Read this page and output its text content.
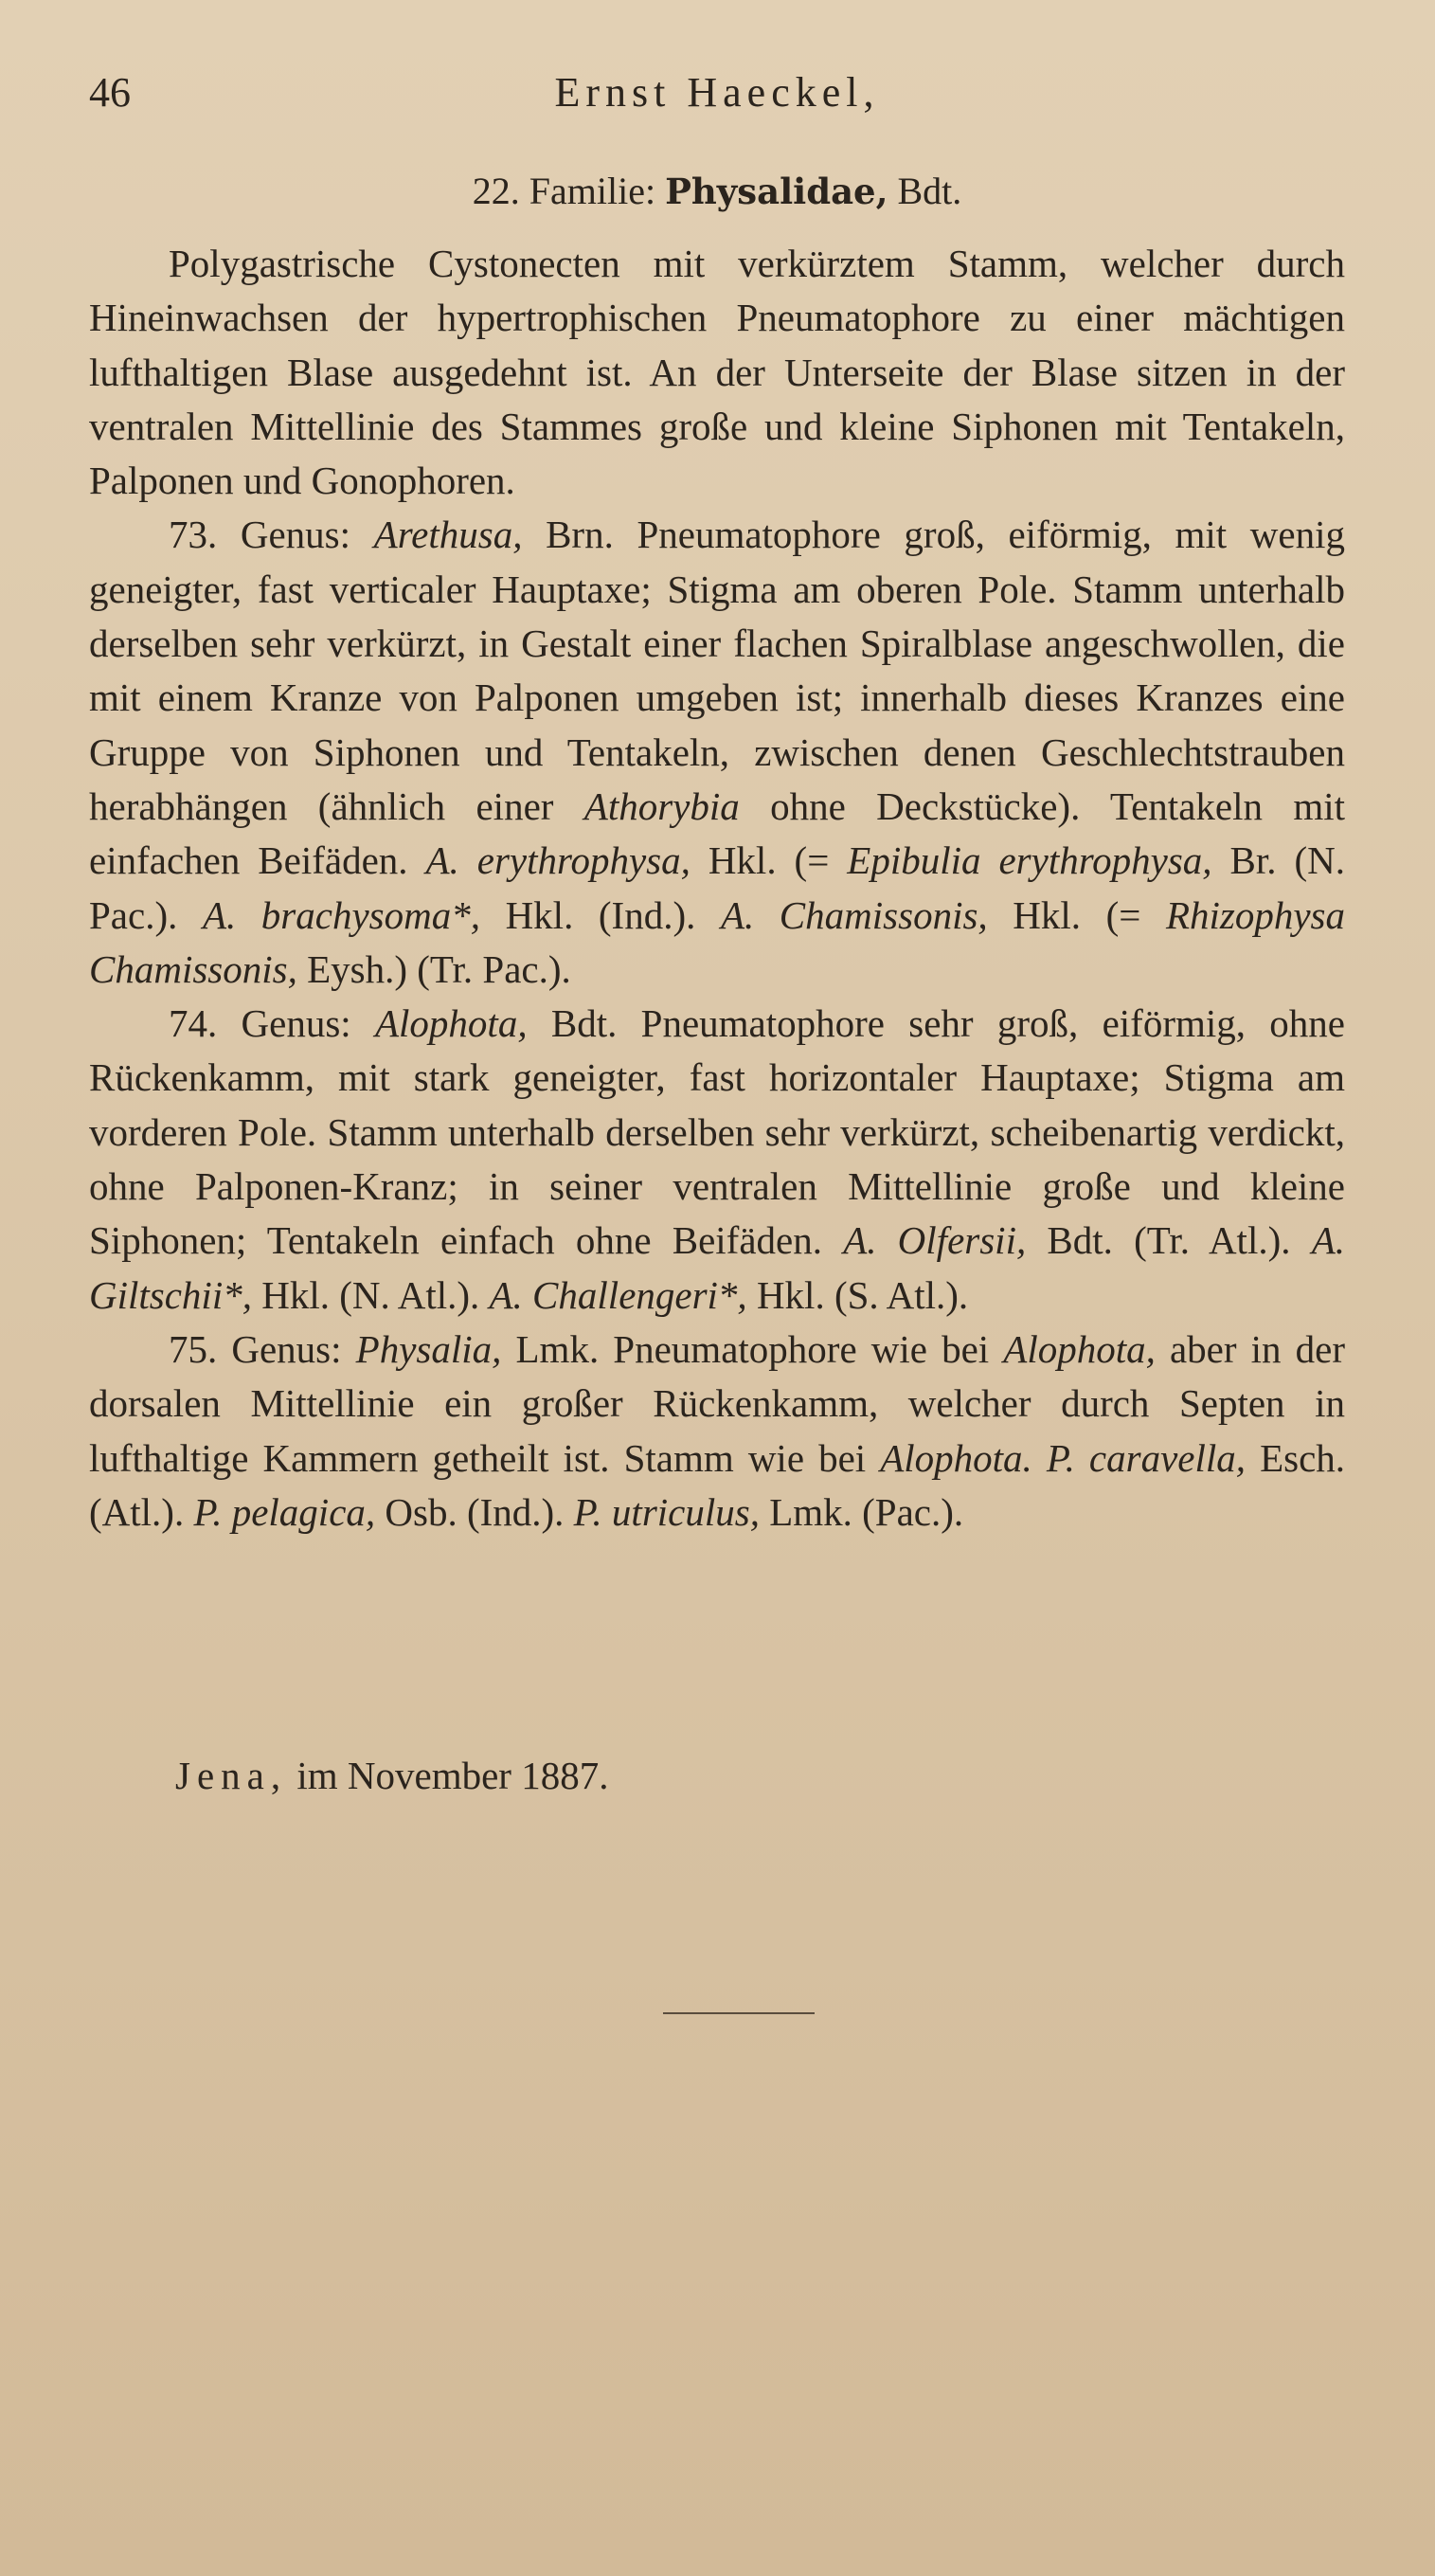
46	Ernst Haeckel,
22. Familie: Physalidae, Bdt.

Polygastrische Cystonecten mit verkürztem Stamm, welcher durch Hineinwachsen der hypertrophischen Pneumatophore zu einer mächtigen lufthaltigen Blase ausgedehnt ist. An der Unterseite der Blase sitzen in der ventralen Mittellinie des Stammes große und kleine Siphonen mit Tentakeln, Palponen und Gonophoren.

73. Genus: Arethusa, Brn. Pneumatophore groß, eiförmig, mit wenig geneigter, fast verticaler Hauptaxe; Stigma am oberen Pole. Stamm unterhalb derselben sehr verkürzt, in Gestalt einer flachen Spiralblase angeschwollen, die mit einem Kranze von Palponen umgeben ist; innerhalb dieses Kranzes eine Gruppe von Siphonen und Tentakeln, zwischen denen Geschlechtstrauben herabhängen (ähnlich einer Athorybia ohne Deckstücke). Tentakeln mit einfachen Beifäden. A. erythrophysa, Hkl. (= Epibulia erythrophysa, Br. (N. Pac.). A. brachysoma*, Hkl. (Ind.). A. Chamissonis, Hkl. (= Rhizophysa Chamissonis, Eysh.) (Tr. Pac.).

74. Genus: Alophota, Bdt. Pneumatophore sehr groß, eiförmig, ohne Rückenkamm, mit stark geneigter, fast horizontaler Hauptaxe; Stigma am vorderen Pole. Stamm unterhalb derselben sehr verkürzt, scheibenartig verdickt, ohne Palponen-Kranz; in seiner ventralen Mittellinie große und kleine Siphonen; Tentakeln einfach ohne Beifäden. A. Olfersii, Bdt. (Tr. Atl.). A. Giltschii*, Hkl. (N. Atl.). A. Challengeri*, Hkl. (S. Atl.).

75. Genus: Physalia, Lmk. Pneumatophore wie bei Alophota, aber in der dorsalen Mittellinie ein großer Rückenkamm, welcher durch Septen in lufthaltige Kammern getheilt ist. Stamm wie bei Alophota. P. caravella, Esch. (Atl.). P. pelagica, Osb. (Ind.). P. utriculus, Lmk. (Pac.).

Jena, im November 1887.
